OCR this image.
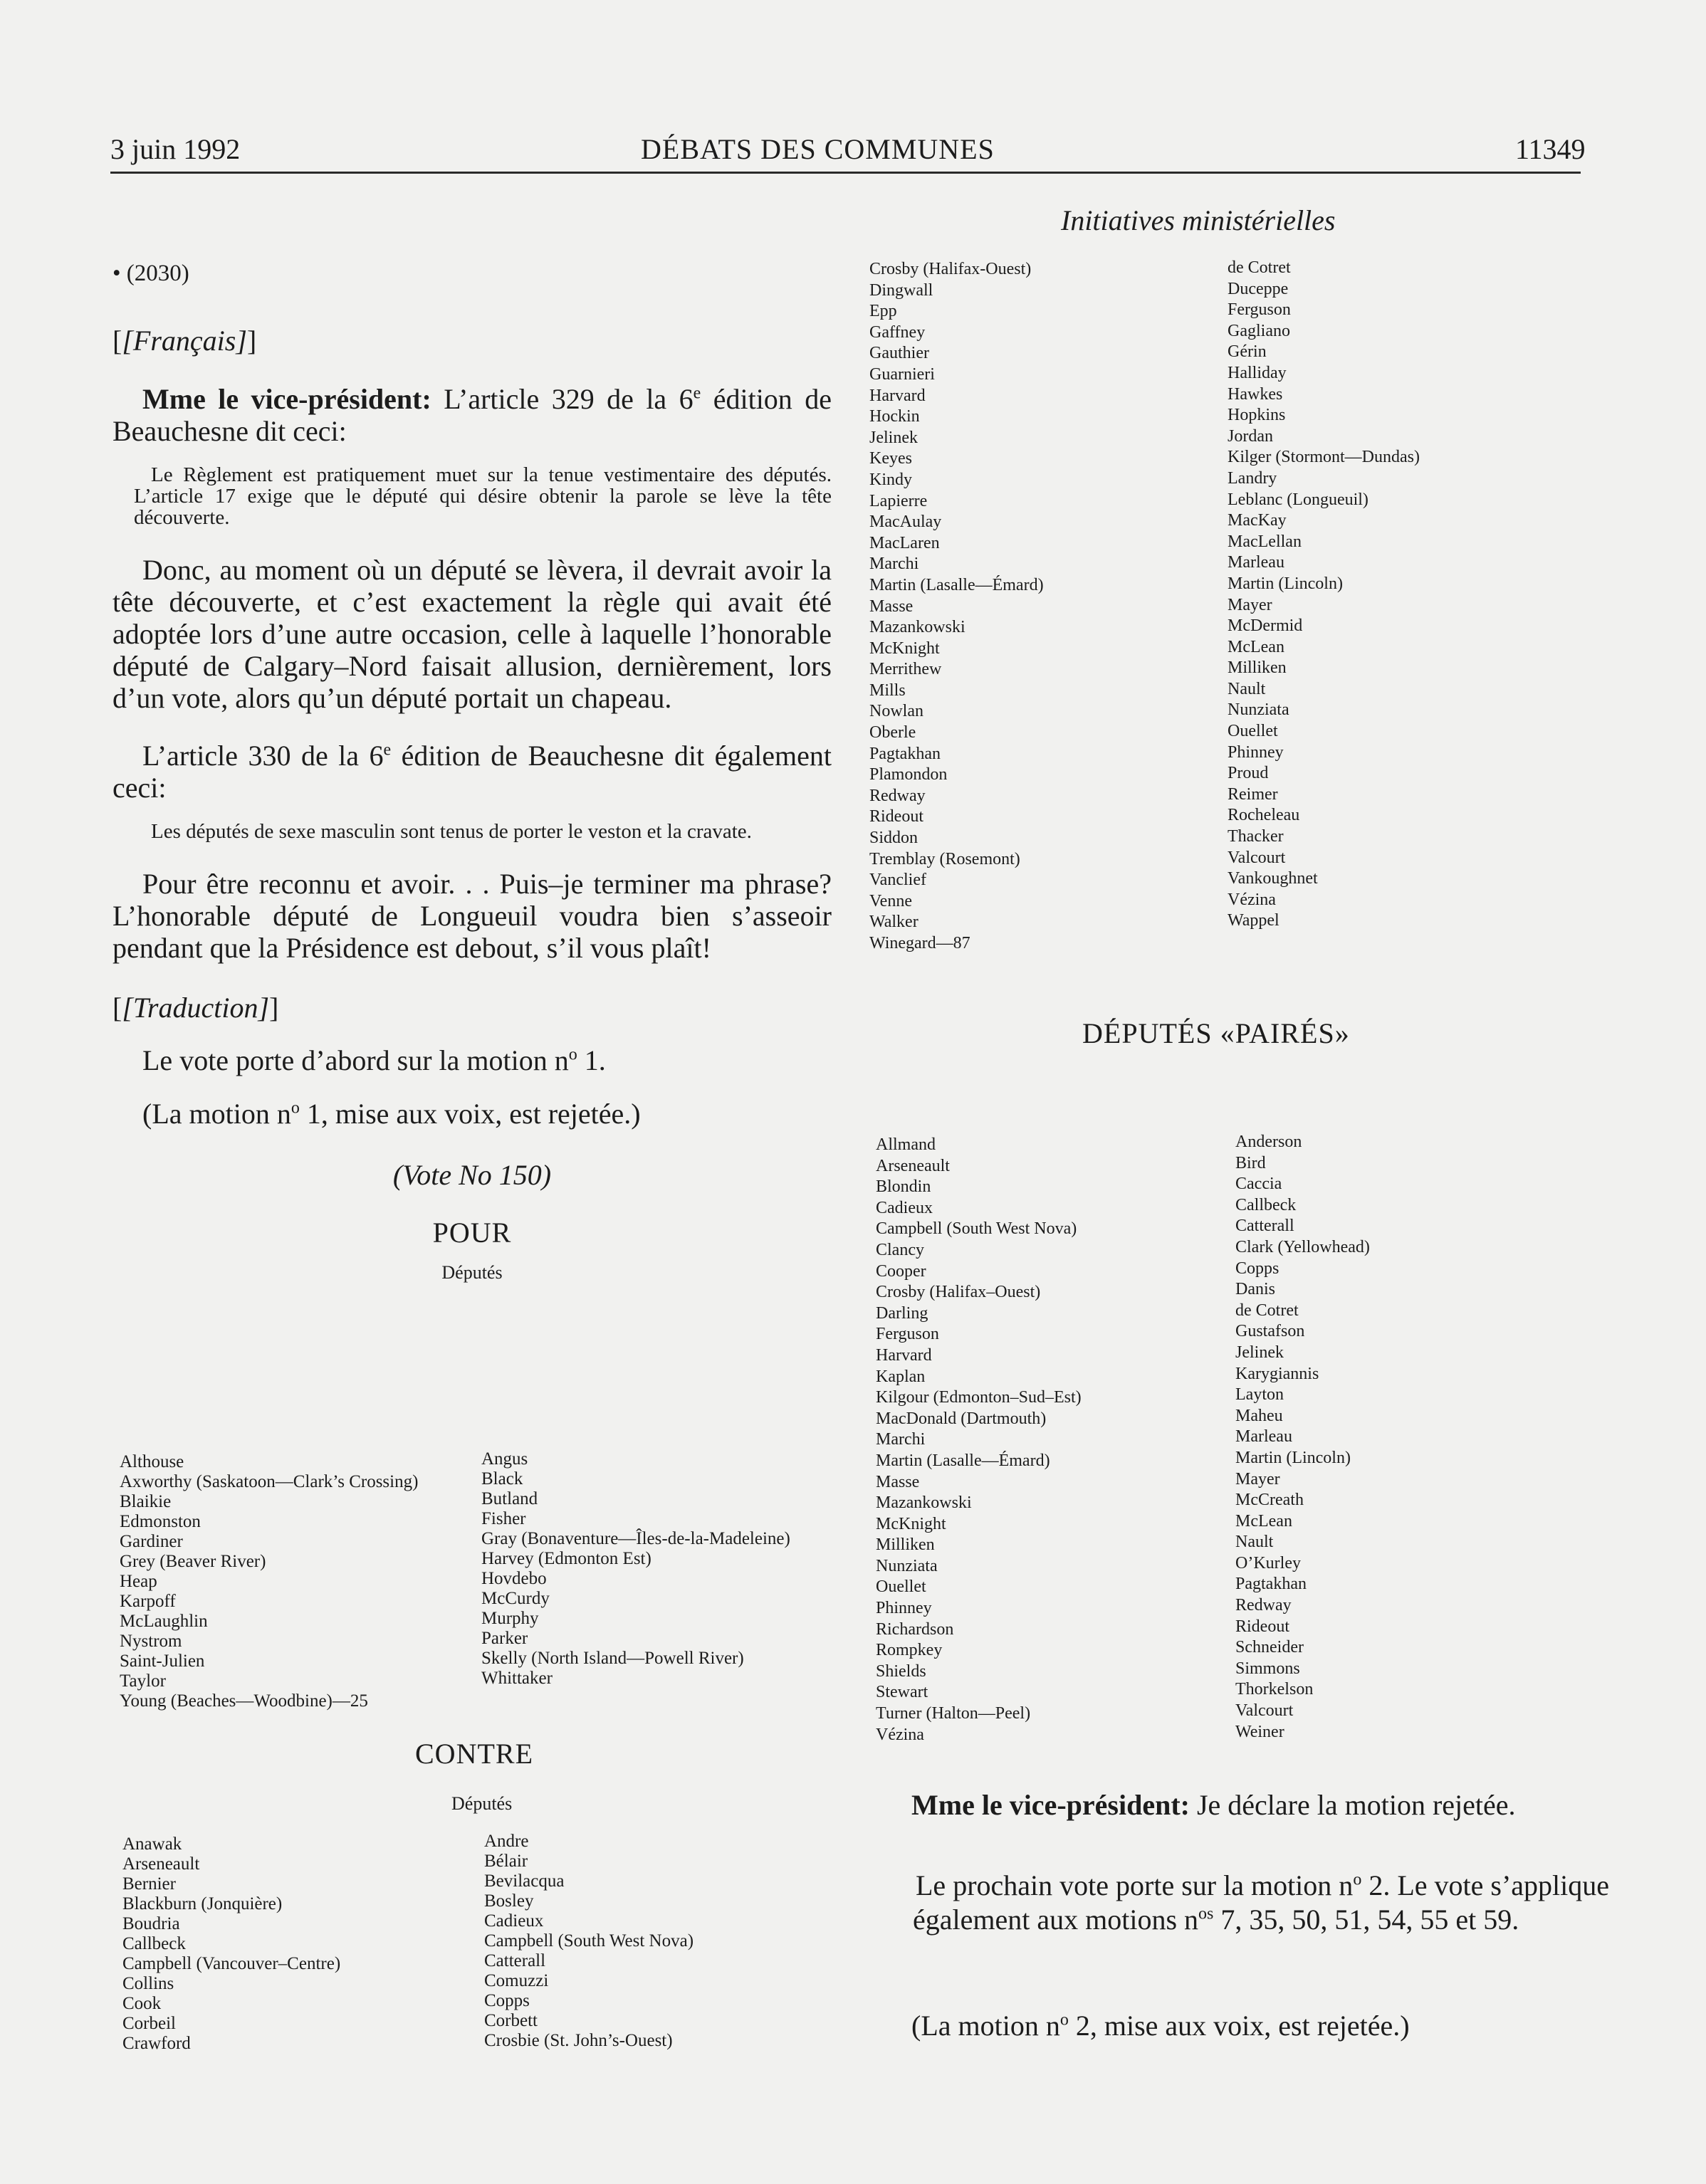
3 juin 1992	DÉBATS DES COMMUNES	11349
Initiatives ministérielles

• (2030)

[[Français]]

Mme le vice-président: L’article 329 de la 6e édition de Beauchesne dit ceci:

Le Règlement est pratiquement muet sur la tenue vestimentaire des députés. L’article 17 exige que le député qui désire obtenir la parole se lève la tête découverte.

Donc, au moment où un député se lèvera, il devrait avoir la tête découverte, et c’est exactement la règle qui avait été adoptée lors d’une autre occasion, celle à laquelle l’honorable député de Calgary–Nord faisait allusion, dernièrement, lors d’un vote, alors qu’un député portait un chapeau.

L’article 330 de la 6e édition de Beauchesne dit également ceci:

Les députés de sexe masculin sont tenus de porter le veston et la cravate.

Pour être reconnu et avoir. . . Puis–je terminer ma phrase? L’honorable député de Longueuil voudra bien s’asseoir pendant que la Présidence est debout, s’il vous plaît!

[[Traduction]]

Le vote porte d’abord sur la motion $n^o$ 1.

(La motion $n^o$ 1, mise aux voix, est rejetée.)

(Vote No 150)

POUR

Députés

Althouse
Axworthy (Saskatoon—Clark’s Crossing)
Blaikie
Edmonston
Gardiner
Grey (Beaver River)
Heap
Karpoff
McLaughlin
Nystrom
Saint-Julien
Taylor
Young (Beaches—Woodbine)—25
Angus
Black
Butland
Fisher
Gray (Bonaventure—Îles-de-la-Madeleine)
Harvey (Edmonton Est)
Hovdebo
McCurdy
Murphy
Parker
Skelly (North Island—Powell River)
Whittaker
CONTRE
Députés
Anawak
Arseneault
Bernier
Blackburn (Jonquière)
Boudria
Callbeck
Campbell (Vancouver–Centre)
Collins
Cook
Corbeil
Crawford
Andre
Bélair
Bevilacqua
Bosley
Cadieux
Campbell (South West Nova)
Catterall
Comuzzi
Copps
Corbett
Crosbie (St. John’s-Ouest)
Crosby (Halifax-Ouest)
Dingwall
Epp
Gaffney
Gauthier
Guarnieri
Harvard
Hockin
Jelinek
Keyes
Kindy
Lapierre
MacAulay
MacLaren
Marchi
Martin (Lasalle—Émard)
Masse
Mazankowski
McKnight
Merrithew
Mills
Nowlan
Oberle
Pagtakhan
Plamondon
Redway
Rideout
Siddon
Tremblay (Rosemont)
Vanclief
Venne
Walker
Winegard—87
de Cotret
Duceppe
Ferguson
Gagliano
Gérin
Halliday
Hawkes
Hopkins
Jordan
Kilger (Stormont—Dundas)
Landry
Leblanc (Longueuil)
MacKay
MacLellan
Marleau
Martin (Lincoln)
Mayer
McDermid
McLean
Milliken
Nault
Nunziata
Ouellet
Phinney
Proud
Reimer
Rocheleau
Thacker
Valcourt
Vankoughnet
Vézina
Wappel
DÉPUTÉS «PAIRÉS»
Allmand
Arseneault
Blondin
Cadieux
Campbell (South West Nova)
Clancy
Cooper
Crosby (Halifax–Ouest)
Darling
Ferguson
Harvard
Kaplan
Kilgour (Edmonton–Sud–Est)
MacDonald (Dartmouth)
Marchi
Martin (Lasalle—Émard)
Masse
Mazankowski
McKnight
Milliken
Nunziata
Ouellet
Phinney
Richardson
Rompkey
Shields
Stewart
Turner (Halton—Peel)
Vézina
Anderson
Bird
Caccia
Callbeck
Catterall
Clark (Yellowhead)
Copps
Danis
de Cotret
Gustafson
Jelinek
Karygiannis
Layton
Maheu
Marleau
Martin (Lincoln)
Mayer
McCreath
McLean
Nault
O’Kurley
Pagtakhan
Redway
Rideout
Schneider
Simmons
Thorkelson
Valcourt
Weiner

Mme le vice-président: Je déclare la motion rejetée.

Le prochain vote porte sur la motion $n^o$ 2. Le vote s’applique également aux motions $n^{os}$ 7, 35, 50, 51, 54, 55 et 59.

(La motion $n^o$ 2, mise aux voix, est rejetée.)
